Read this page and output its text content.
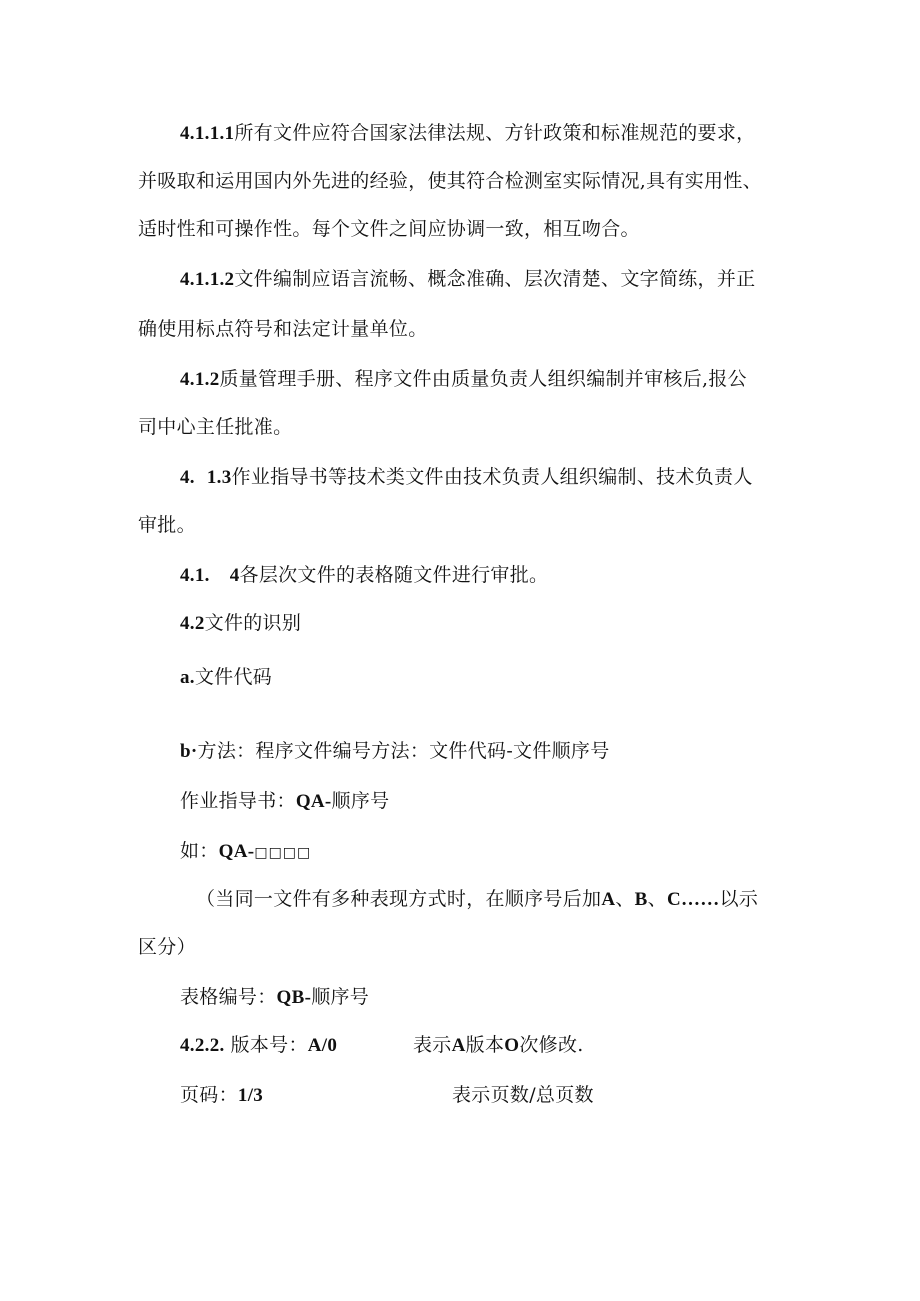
4.1.1.1所有文件应符合国家法律法规、方针政策和标准规范的要求，
并吸取和运用国内外先进的经验，使其符合检测室实际情况,具有实用性、
适时性和可操作性。每个文件之间应协调一致，相互吻合。
4.1.1.2文件编制应语言流畅、概念准确、层次清楚、文字简练，并正
确使用标点符号和法定计量单位。
4.1.2质量管理手册、程序文件由质量负责人组织编制并审核后,报公
司中心主任批准。
4. 1.3作业指导书等技术类文件由技术负责人组织编制、技术负责人
审批。
4.1. 4各层次文件的表格随文件进行审批。
4.2文件的识别
a.文件代码
b·方法：程序文件编号方法：文件代码-文件顺序号
作业指导书：QA-顺序号
如：QA-□□□□
（当同一文件有多种表现方式时，在顺序号后加A、B、C……以示
区分）
表格编号：QB-顺序号
4.2.2. 版本号：A/0	表示A版本O次修改.
页码：1/3	表示页数/总页数
